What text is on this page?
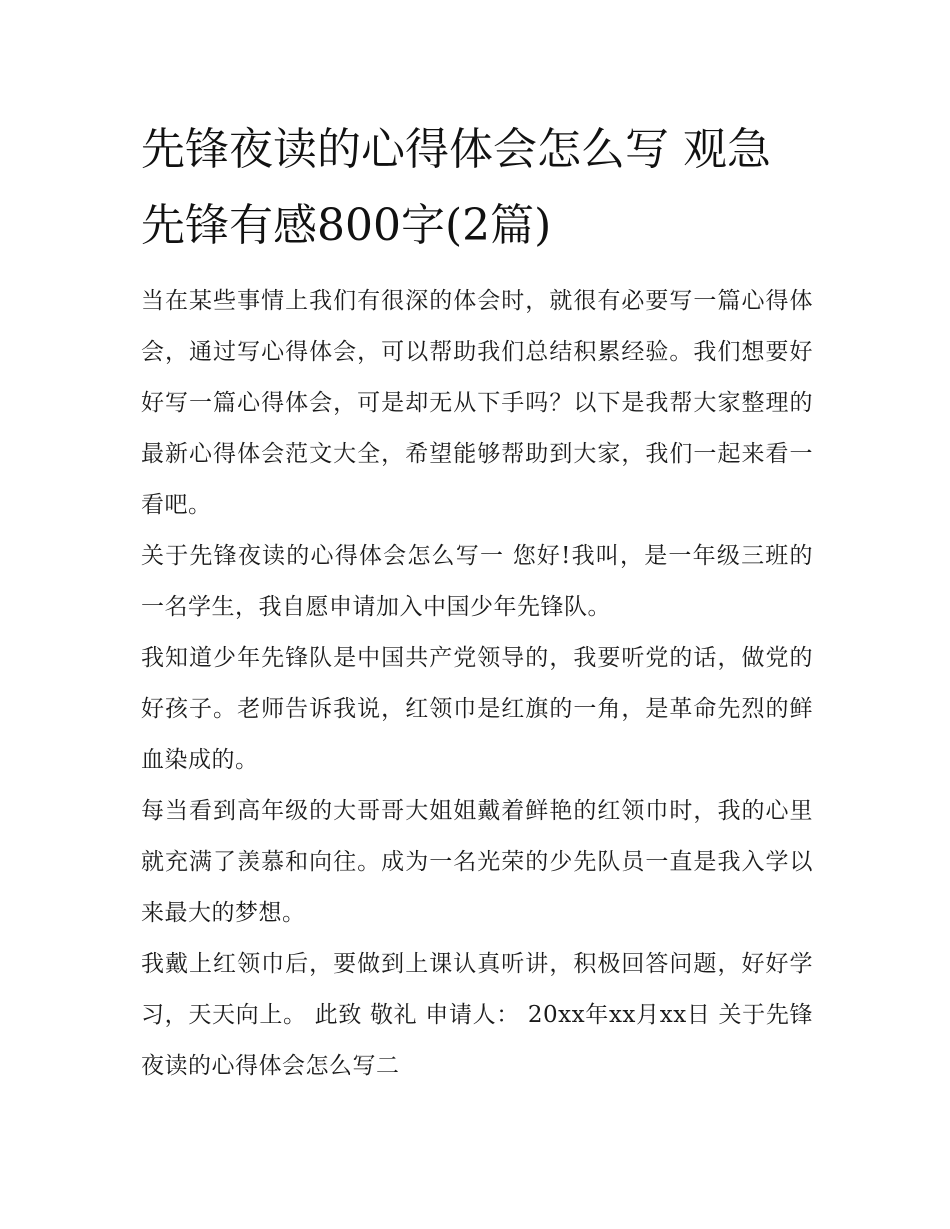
先锋夜读的心得体会怎么写 观急先锋有感800字(2篇)

当在某些事情上我们有很深的体会时，就很有必要写一篇心得体会，通过写心得体会，可以帮助我们总结积累经验。我们想要好好写一篇心得体会，可是却无从下手吗？以下是我帮大家整理的最新心得体会范文大全，希望能够帮助到大家，我们一起来看一看吧。

关于先锋夜读的心得体会怎么写一 您好!我叫，是一年级三班的一名学生，我自愿申请加入中国少年先锋队。

我知道少年先锋队是中国共产党领导的，我要听党的话，做党的好孩子。老师告诉我说，红领巾是红旗的一角，是革命先烈的鲜血染成的。

每当看到高年级的大哥哥大姐姐戴着鲜艳的红领巾时，我的心里就充满了羡慕和向往。成为一名光荣的少先队员一直是我入学以来最大的梦想。

我戴上红领巾后，要做到上课认真听讲，积极回答问题，好好学习，天天向上。 此致 敬礼 申请人： 20xx年xx月xx日 关于先锋夜读的心得体会怎么写二
